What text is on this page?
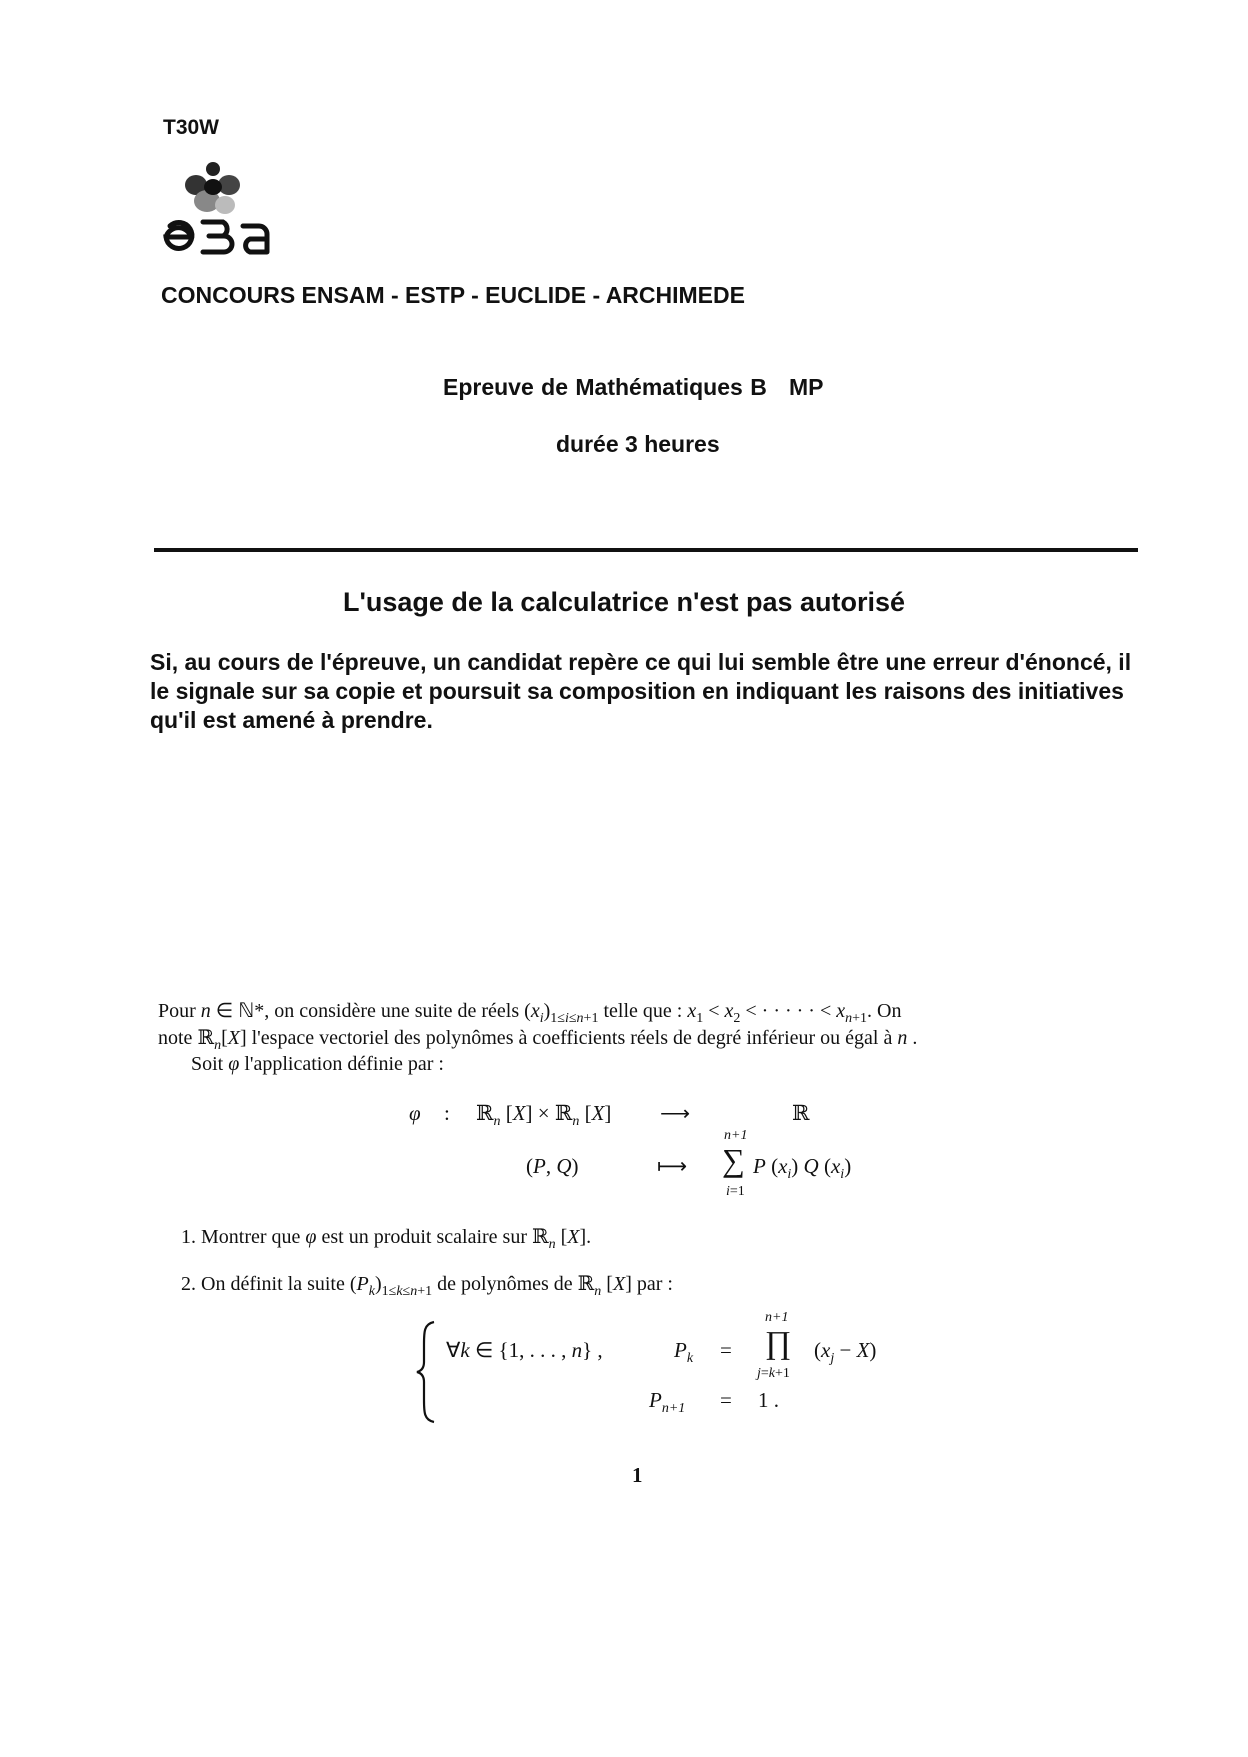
T30W
CONCOURS ENSAM - ESTP - EUCLIDE - ARCHIMEDE
Epreuve de Mathématiques B   MP
durée 3 heures
L'usage de la calculatrice n'est pas autorisé
Si, au cours de l'épreuve, un candidat repère ce qui lui semble être une erreur d'énoncé, il le signale sur sa copie et poursuit sa composition en indiquant les raisons des initiatives qu'il est amené à prendre.
Pour n ∈ ℕ*, on considère une suite de réels $(x_i)_{1\le i\le n+1}$ telle que : $x_1 < x_2$ < · · · · · < $x_{n+1}$. On
note ℝ$_n$[X] l'espace vectoriel des polynômes à coefficients réels de degré inférieur ou égal à n .
Soit φ l'application définie par :
φ : ℝ$_n$ [X] × ℝ$_n$ [X] ⟶	ℝ
(P, Q)	⟼
n+1
∑
i=1
P $(x_i)$ Q $(x_i)$
1. Montrer que φ est un produit scalaire sur ℝ$_n$ [X].
2. On définit la suite $(P_k)_{1\le k\le n+1}$ de polynômes de ℝ$_n$ [X] par :
∀k ∈ {1, . . . , n} ,	$P_k$ =
n+1
∏
j=k+1
$(x_j - X)$
$P_{n+1} = 1$ .
1
